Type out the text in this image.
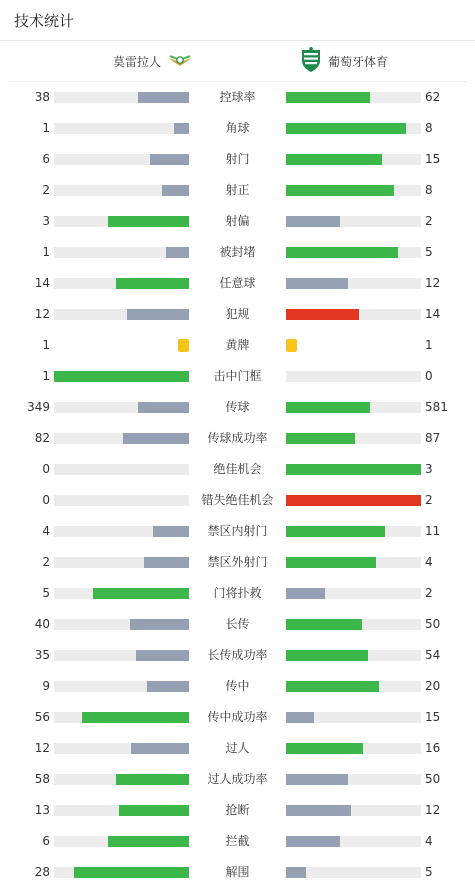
技术统计
莫雷拉人	葡萄牙体育
38	控球率	62
1	角球	8
6	射门	15
2	射正	8
3	射偏	2
1	被封堵	5
14	任意球	12
12	犯规	14
1	黄牌	1
1	击中门框	0
349	传球	581
82	传球成功率	87
0	绝佳机会	3
0	错失绝佳机会	2
4	禁区内射门	11
2	禁区外射门	4
5	门将扑救	2
40	长传	50
35	长传成功率	54
9	传中	20
56	传中成功率	15
12	过人	16
58	过人成功率	50
13	抢断	12
6	拦截	4
28	解围	5
